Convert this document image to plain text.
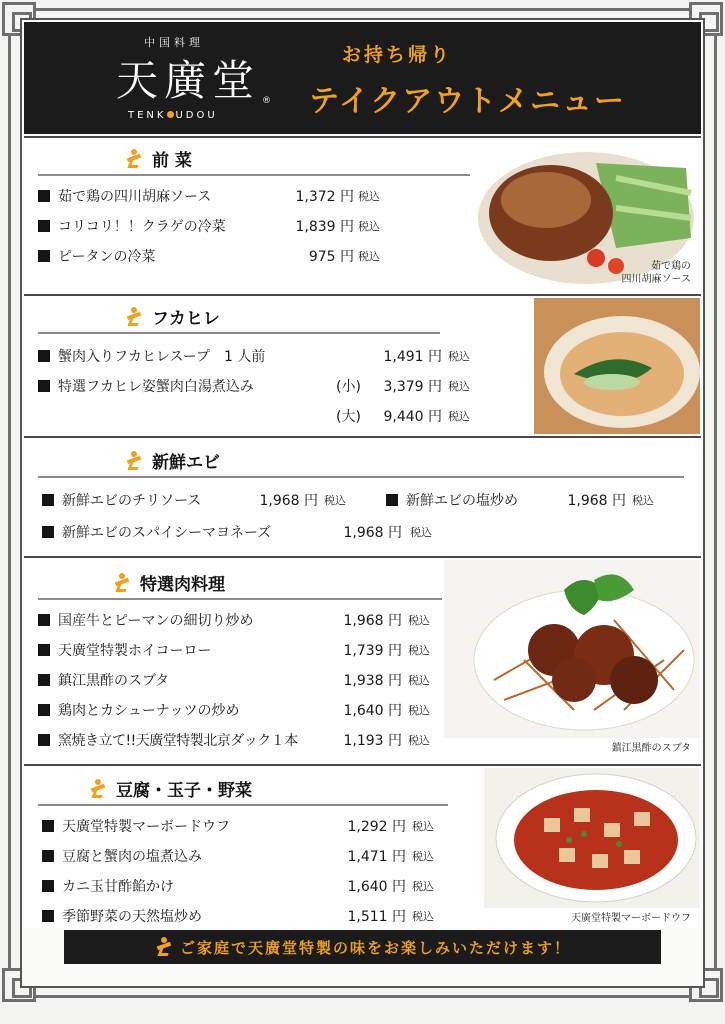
中国料理
天廣堂 ®
TENK UDOU
お持ち帰り
テイクアウトメニュー
前 菜
茹で鶏の四川胡麻ソース	1,372 円 税込
コリコリ！！クラゲの冷菜	1,839 円 税込
ピータンの冷菜	975 円 税込
茹で鶏の
四川胡麻ソース
フカヒレ
蟹肉入りフカヒレスープ　1 人前	1,491 円 税込
特選フカヒレ姿蟹肉白湯煮込み	(小)	3,379 円 税込
(大)	9,440 円 税込
新鮮エビ
新鮮エビのチリソース	1,968 円 税込	新鮮エビの塩炒め	1,968 円 税込
新鮮エビのスパイシーマヨネーズ	1,968 円 税込
特選肉料理
国産牛とピーマンの細切り炒め	1,968 円 税込
天廣堂特製ホイコーロー	1,739 円 税込
鎮江黒酢のスブタ	1,938 円 税込
鶏肉とカシューナッツの炒め	1,640 円 税込
窯焼き立て!!天廣堂特製北京ダック１本	1,193 円 税込
鎮江黒酢のスブタ
豆腐・玉子・野菜
天廣堂特製マーボードウフ	1,292 円 税込
豆腐と蟹肉の塩煮込み	1,471 円 税込
カニ玉甘酢餡かけ	1,640 円 税込
季節野菜の天然塩炒め	1,511 円 税込	天廣堂特製マーボードウフ
ご家庭で天廣堂特製の味をお楽しみいただけます！
